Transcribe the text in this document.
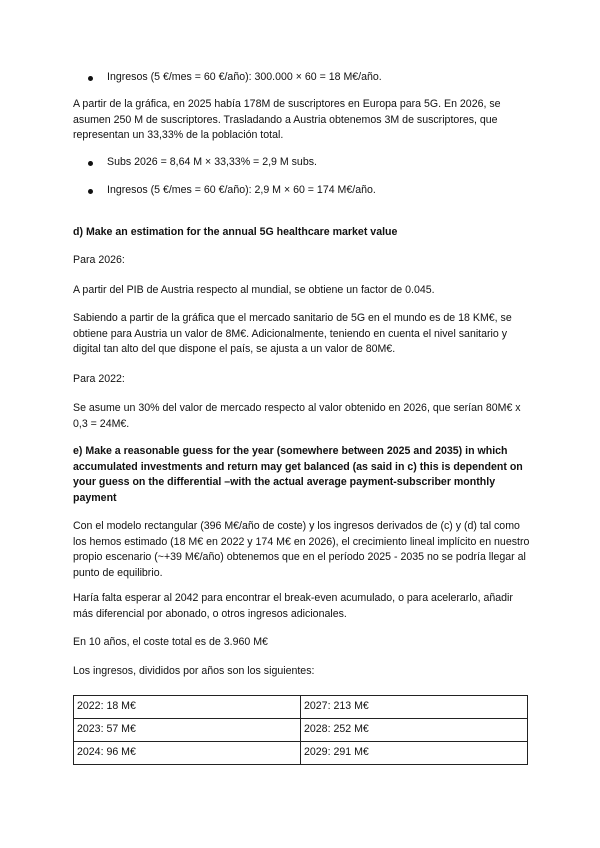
Ingresos (5 €/mes = 60 €/año): 300.000 × 60 = 18 M€/año.

A partir de la gráfica, en 2025 había 178M de suscriptores en Europa para 5G. En 2026, se asumen 250 M de suscriptores. Trasladando a Austria obtenemos 3M de suscriptores, que representan un 33,33% de la población total.

Subs 2026 = 8,64 M × 33,33% = 2,9 M subs.
Ingresos (5 €/mes = 60 €/año): 2,9 M × 60 = 174 M€/año.

d) Make an estimation for the annual 5G healthcare market value

Para 2026:

A partir del PIB de Austria respecto al mundial, se obtiene un factor de 0.045.

Sabiendo a partir de la gráfica que el mercado sanitario de 5G en el mundo es de 18 KM€, se obtiene para Austria un valor de 8M€. Adicionalmente, teniendo en cuenta el nivel sanitario y digital tan alto del que dispone el país, se ajusta a un valor de 80M€.

Para 2022:

Se asume un 30% del valor de mercado respecto al valor obtenido en 2026, que serían 80M€ x 0,3 = 24M€.

e) Make a reasonable guess for the year (somewhere between 2025 and 2035) in which accumulated investments and return may get balanced (as said in c) this is dependent on your guess on the differential –with the actual average payment-subscriber monthly payment

Con el modelo rectangular (396 M€/año de coste) y los ingresos derivados de (c) y (d) tal como los hemos estimado (18 M€ en 2022 y 174 M€ en 2026), el crecimiento lineal implícito en nuestro propio escenario (~+39 M€/año) obtenemos que en el período 2025 - 2035 no se podría llegar al punto de equilibrio.

Haría falta esperar al 2042 para encontrar el break-even acumulado, o para acelerarlo, añadir más diferencial por abonado, o otros ingresos adicionales.

En 10 años, el coste total es de 3.960 M€

Los ingresos, divididos por años son los siguientes:

2022: 18 M€	2027: 213 M€
2023: 57 M€	2028: 252 M€
2024: 96 M€	2029: 291 M€
